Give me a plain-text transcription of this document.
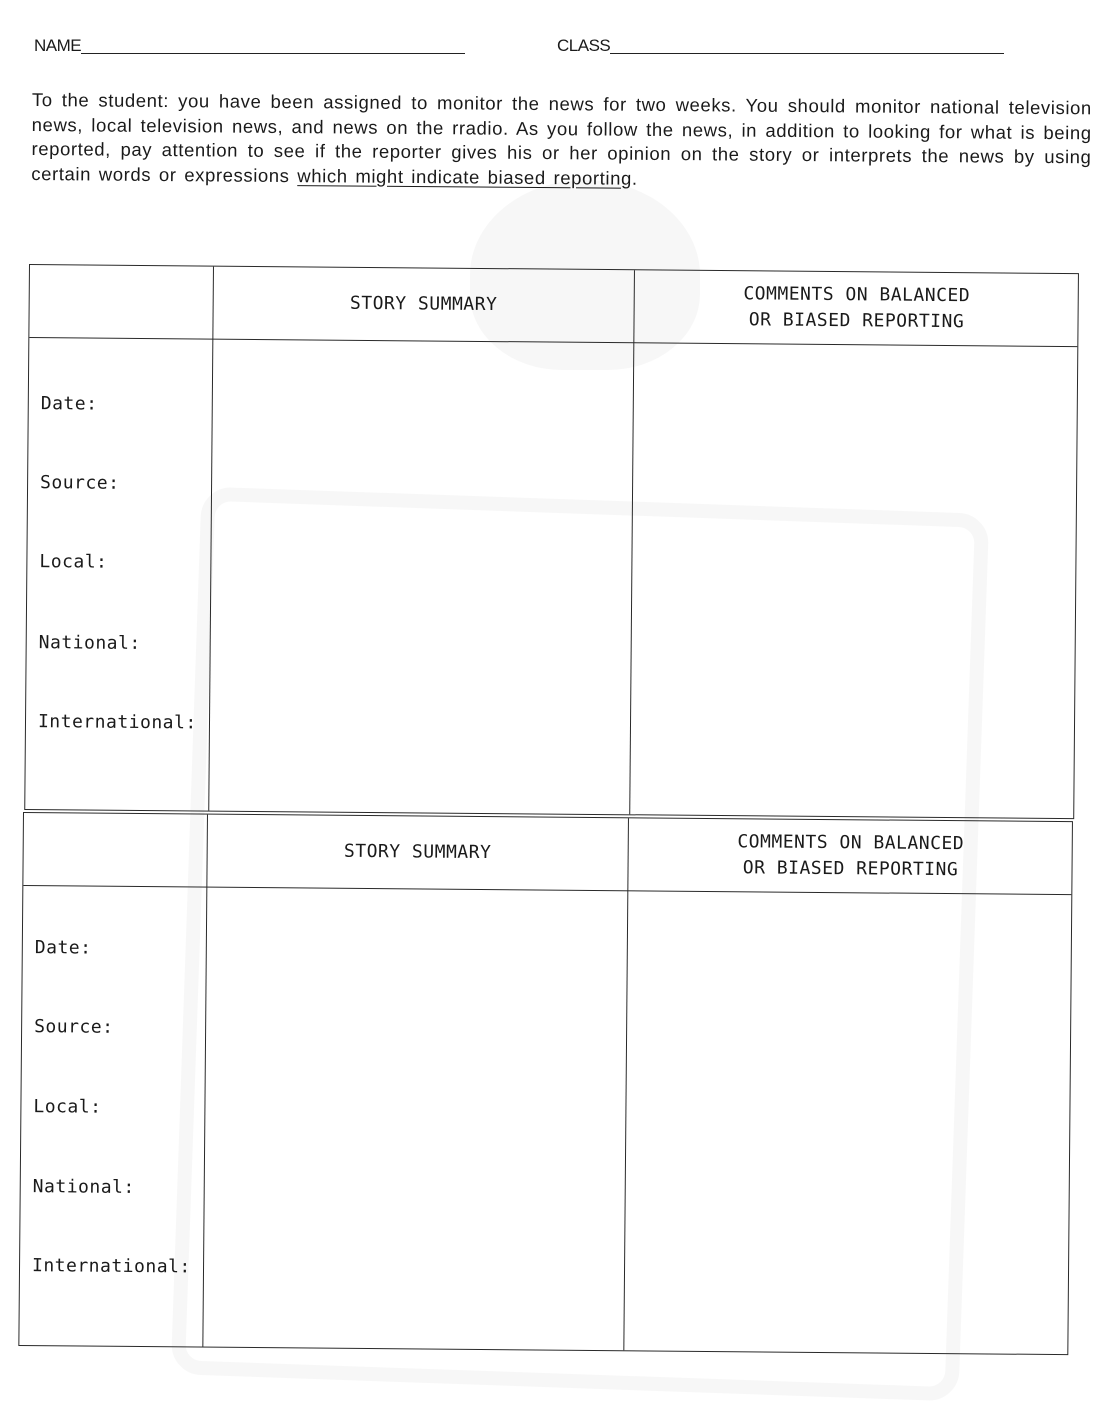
NAME	CLASS
To the student: you have been assigned to monitor the news for two weeks. You should monitor national television news, local television news, and news on the rradio. As you follow the news, in addition to looking for what is being reported, pay attention to see if the reporter gives his or her opinion on the story or interprets the news by using certain words or expressions which might indicate biased reporting.
STORY SUMMARY	COMMENTS ON BALANCED
OR BIASED REPORTING
Date:
Source:
Local:
National:
International:
STORY SUMMARY	COMMENTS ON BALANCED
OR BIASED REPORTING
Date:
Source:
Local:
National:
International:
